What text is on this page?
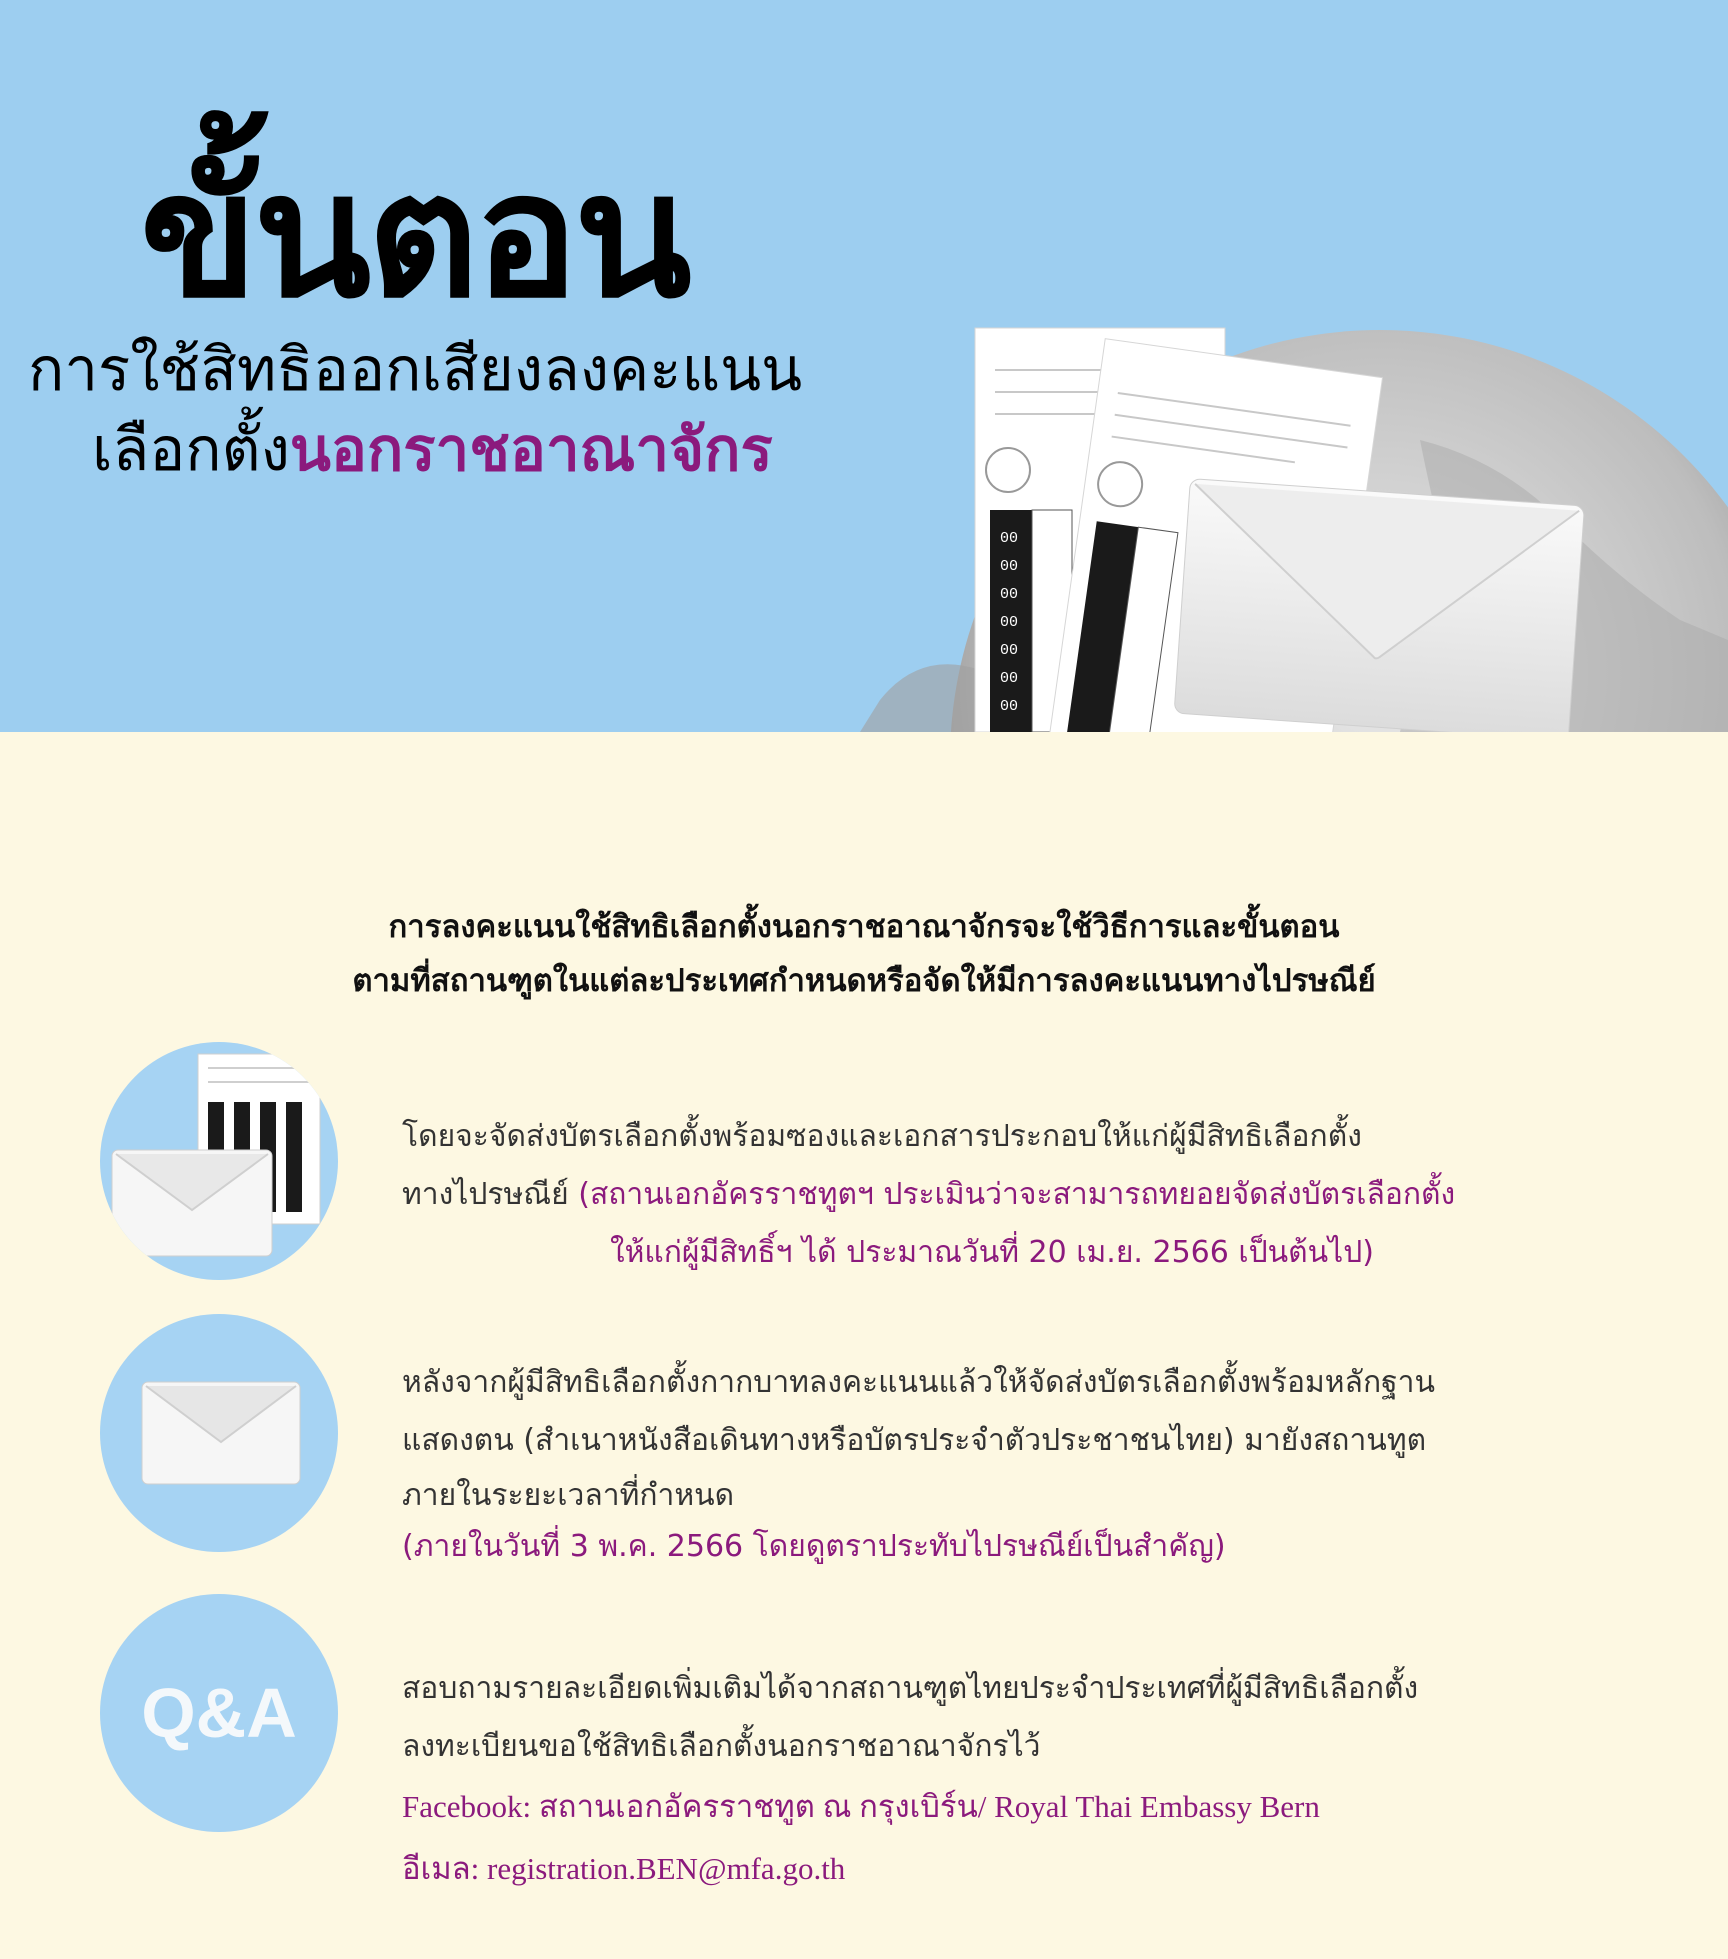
ขั้นตอน
การใช้สิทธิออกเสียงลงคะแนน
เลือกตั้งนอกราชอาณาจักร
00
00
00
00
00
00
00
การลงคะแนนใช้สิทธิเลือกตั้งนอกราชอาณาจักรจะใช้วิธีการและขั้นตอน
ตามที่สถานฑูตในแต่ละประเทศกำหนดหรือจัดให้มีการลงคะแนนทางไปรษณีย์
โดยจะจัดส่งบัตรเลือกตั้งพร้อมซองและเอกสารประกอบให้แก่ผู้มีสิทธิเลือกตั้ง
ทางไปรษณีย์ (สถานเอกอัครราชทูตฯ ประเมินว่าจะสามารถทยอยจัดส่งบัตรเลือกตั้ง
ให้แก่ผู้มีสิทธิ์ฯ ได้ ประมาณวันที่ 20 เม.ย. 2566 เป็นต้นไป)
หลังจากผู้มีสิทธิเลือกตั้งกากบาทลงคะแนนแล้วให้จัดส่งบัตรเลือกตั้งพร้อมหลักฐาน
แสดงตน (สำเนาหนังสือเดินทางหรือบัตรประจำตัวประชาชนไทย) มายังสถานทูต
ภายในระยะเวลาที่กำหนด
(ภายในวันที่ 3 พ.ค. 2566 โดยดูตราประทับไปรษณีย์เป็นสำคัญ)
Q&A	สอบถามรายละเอียดเพิ่มเติมได้จากสถานฑูตไทยประจำประเทศที่ผู้มีสิทธิเลือกตั้ง
ลงทะเบียนขอใช้สิทธิเลือกตั้งนอกราชอาณาจักรไว้
Facebook: สถานเอกอัครราชทูต ณ กรุงเบิร์น/ Royal Thai Embassy Bern
อีเมล: registration.BEN@mfa.go.th
